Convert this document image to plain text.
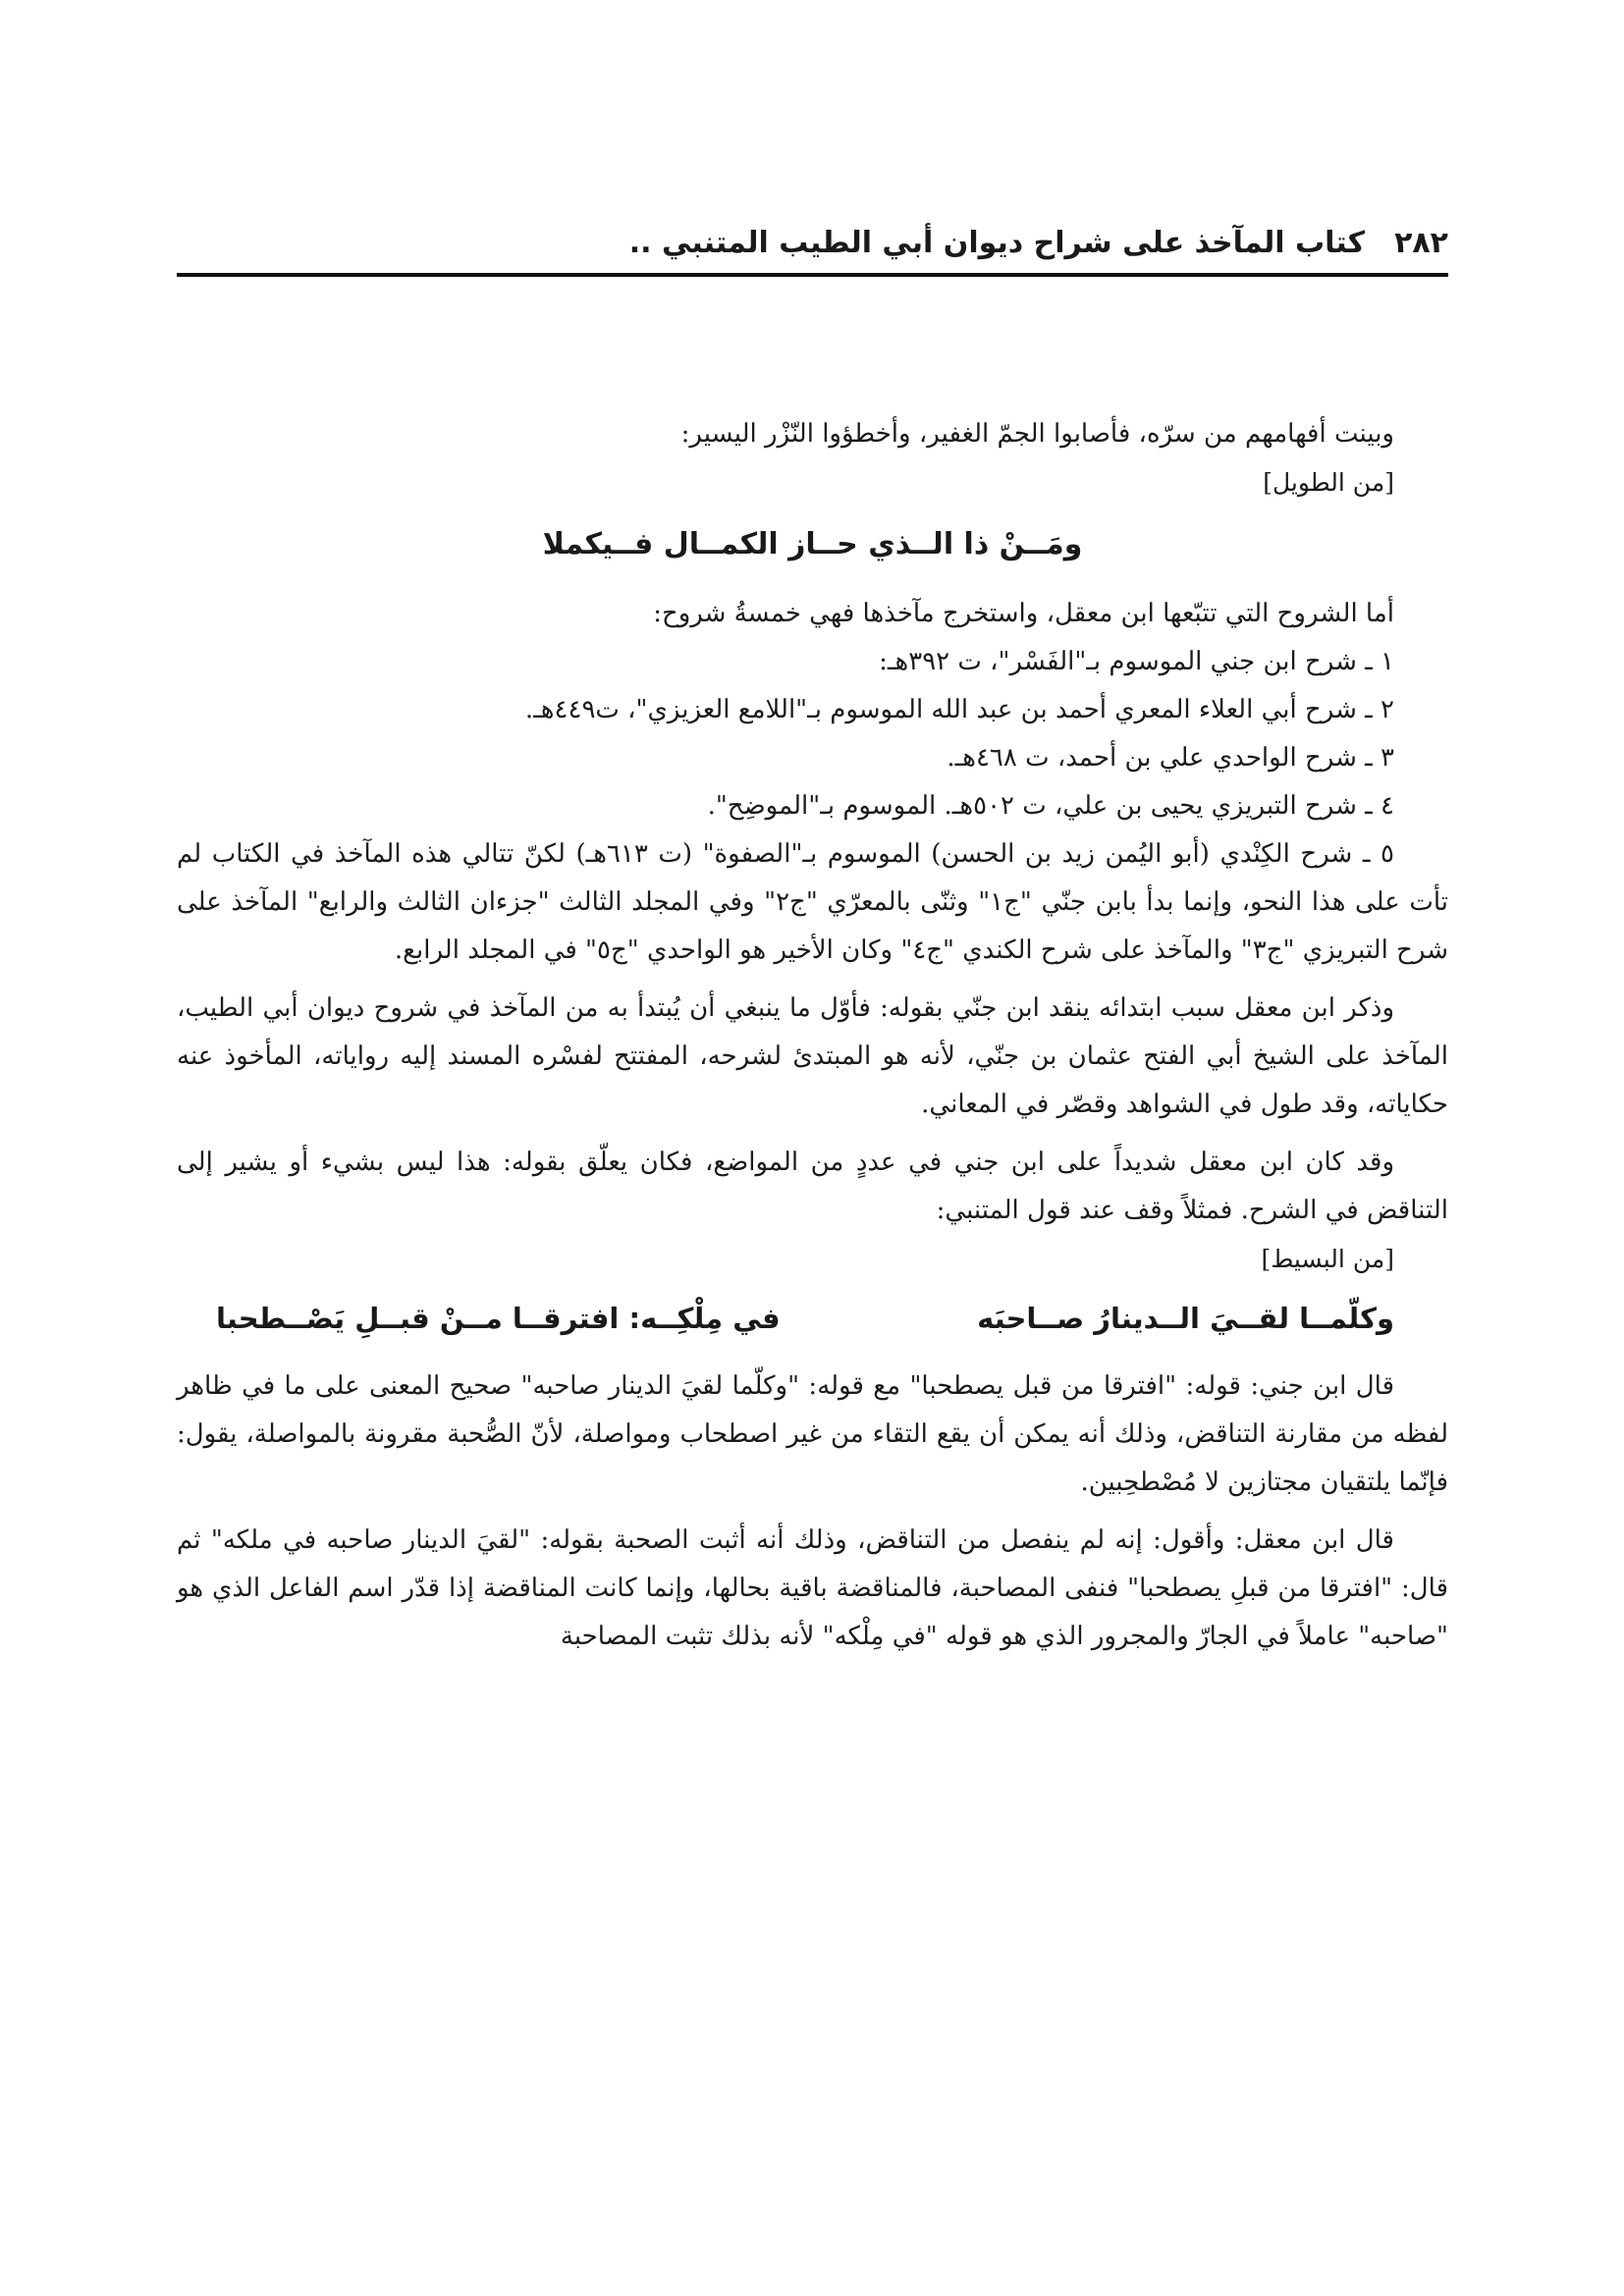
٢٨٢
كتاب المآخذ على شراح ديوان أبي الطيب المتنبي ..

وبينت أفهامهم من سرّه، فأصابوا الجمّ الغفير، وأخطؤوا النّزْر اليسير:

[من الطويل]

ومَــنْ ذا الــذي حــاز الكمــال فــيكملا

أما الشروح التي تتبّعها ابن معقل، واستخرج مآخذها فهي خمسةُ شروح:

١ ـ شرح ابن جني الموسوم بـ"الفَسْر"، ت ٣٩٢هـ:

٢ ـ شرح أبي العلاء المعري أحمد بن عبد الله الموسوم بـ"اللامع العزيزي"، ت٤٤٩هـ.

٣ ـ شرح الواحدي علي بن أحمد، ت ٤٦٨هـ.

٤ ـ شرح التبريزي يحيى بن علي، ت ٥٠٢هـ. الموسوم بـ"الموضِح".

٥ ـ شرح الكِنْدي (أبو اليُمن زيد بن الحسن) الموسوم بـ"الصفوة" (ت ٦١٣هـ) لكنّ تتالي هذه المآخذ في الكتاب لم تأت على هذا النحو، وإنما بدأ بابن جنّي "ج١" وثنّى بالمعرّي "ج٢" وفي المجلد الثالث "جزءان الثالث والرابع" المآخذ على شرح التبريزي "ج٣" والمآخذ على شرح الكندي "ج٤" وكان الأخير هو الواحدي "ج٥" في المجلد الرابع.

وذكر ابن معقل سبب ابتدائه ينقد ابن جنّي بقوله: فأوّل ما ينبغي أن يُبتدأ به من المآخذ في شروح ديوان أبي الطيب، المآخذ على الشيخ أبي الفتح عثمان بن جنّي، لأنه هو المبتدئ لشرحه، المفتتح لفسْره المسند إليه رواياته، المأخوذ عنه حكاياته، وقد طول في الشواهد وقصّر في المعاني.

وقد كان ابن معقل شديداً على ابن جني في عددٍ من المواضع، فكان يعلّق بقوله: هذا ليس بشيء أو يشير إلى التناقض في الشرح. فمثلاً وقف عند قول المتنبي:

[من البسيط]

وكلّمــا لقــيَ الــدينارُ صــاحبَه
في مِلْكِــه: افترقــا مــنْ قبــلِ يَصْــطحبا

قال ابن جني: قوله: "افترقا من قبل يصطحبا" مع قوله: "وكلّما لقيَ الدينار صاحبه" صحيح المعنى على ما في ظاهر لفظه من مقارنة التناقض، وذلك أنه يمكن أن يقع التقاء من غير اصطحاب ومواصلة، لأنّ الصُّحبة مقرونة بالمواصلة، يقول: فإنّما يلتقيان مجتازين لا مُصْطحِبين.

قال ابن معقل: وأقول: إنه لم ينفصل من التناقض، وذلك أنه أثبت الصحبة بقوله: "لقيَ الدينار صاحبه في ملكه" ثم قال: "افترقا من قبلِ يصطحبا" فنفى المصاحبة، فالمناقضة باقية بحالها، وإنما كانت المناقضة إذا قدّر اسم الفاعل الذي هو "صاحبه" عاملاً في الجارّ والمجرور الذي هو قوله "في مِلْكه" لأنه بذلك تثبت المصاحبة
